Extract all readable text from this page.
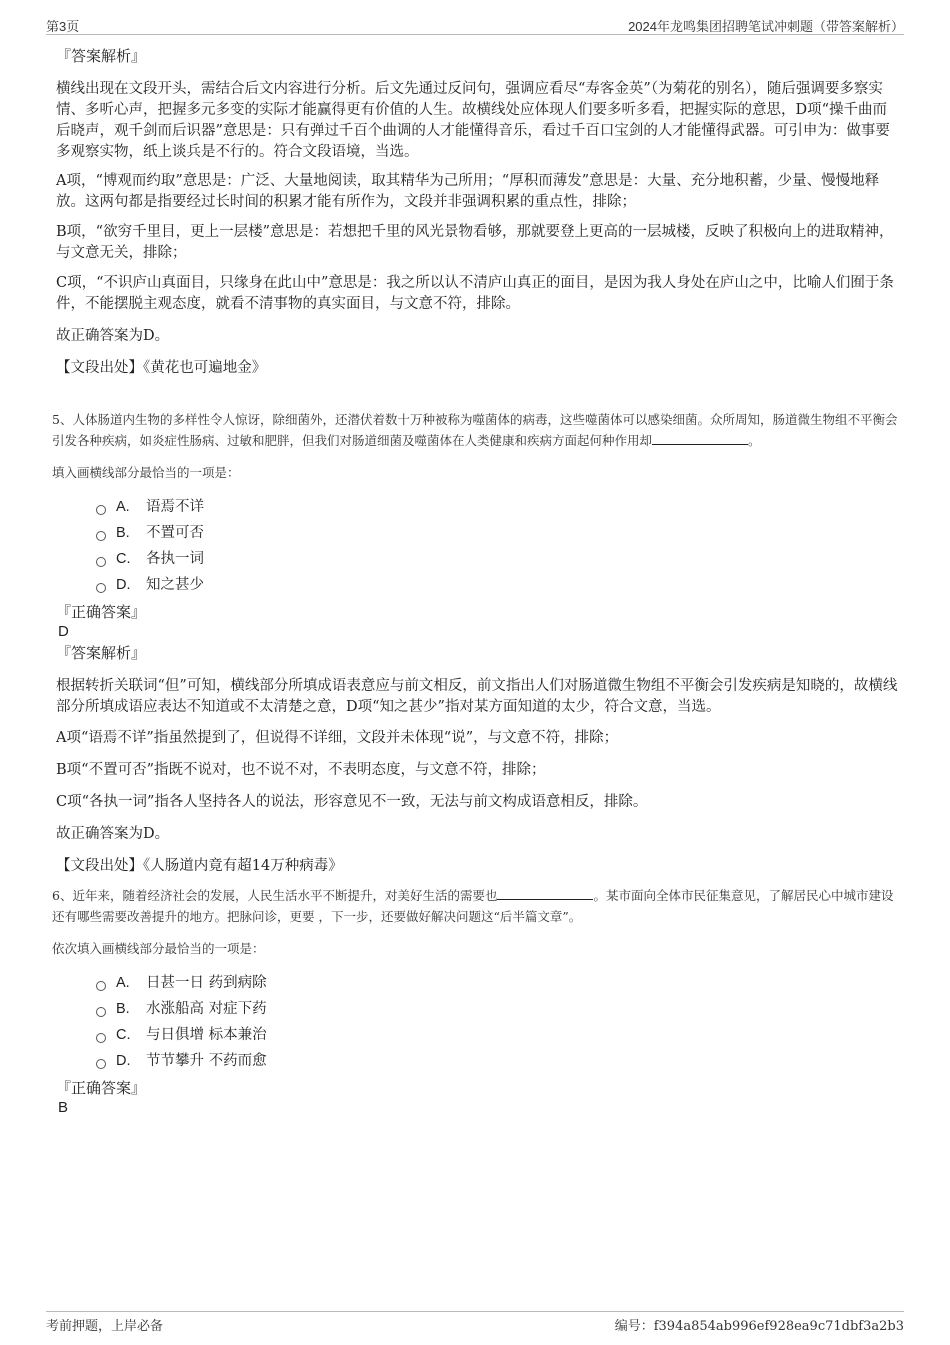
第3页	2024年龙鸣集团招聘笔试冲刺题（带答案解析）

『答案解析』

横线出现在文段开头，需结合后文内容进行分析。后文先通过反问句，强调应看尽“寿客金英”（为菊花的别名），随后强调要多察实情、多听心声，把握多元多变的实际才能赢得更有价值的人生。故横线处应体现人们要多听多看，把握实际的意思，D项“操千曲而后晓声，观千剑而后识器”意思是：只有弹过千百个曲调的人才能懂得音乐，看过千百口宝剑的人才能懂得武器。可引申为：做事要多观察实物，纸上谈兵是不行的。符合文段语境，当选。

A项，“博观而约取”意思是：广泛、大量地阅读，取其精华为己所用；“厚积而薄发”意思是：大量、充分地积蓄，少量、慢慢地释放。这两句都是指要经过长时间的积累才能有所作为，文段并非强调积累的重点性，排除；

B项，“欲穷千里目，更上一层楼”意思是：若想把千里的风光景物看够，那就要登上更高的一层城楼，反映了积极向上的进取精神，与文意无关，排除；

C项，“不识庐山真面目，只缘身在此山中”意思是：我之所以认不清庐山真正的面目，是因为我人身处在庐山之中，比喻人们囿于条件，不能摆脱主观态度，就看不清事物的真实面目，与文意不符，排除。

故正确答案为D。

【文段出处】《黄花也可遍地金》

5、人体肠道内生物的多样性令人惊讶，除细菌外，还潜伏着数十万种被称为噬菌体的病毒，这些噬菌体可以感染细菌。众所周知，肠道微生物组不平衡会引发各种疾病，如炎症性肠病、过敏和肥胖，但我们对肠道细菌及噬菌体在人类健康和疾病方面起何种作用却	。

填入画横线部分最恰当的一项是：

A.	语焉不详
B.	不置可否
C.	各执一词
D.	知之甚少

『正确答案』

D

『答案解析』

根据转折关联词“但”可知，横线部分所填成语表意应与前文相反，前文指出人们对肠道微生物组不平衡会引发疾病是知晓的，故横线部分所填成语应表达不知道或不太清楚之意，D项“知之甚少”指对某方面知道的太少，符合文意，当选。

A项“语焉不详”指虽然提到了，但说得不详细，文段并未体现“说”，与文意不符，排除；

B项“不置可否”指既不说对，也不说不对，不表明态度，与文意不符，排除；

C项“各执一词”指各人坚持各人的说法，形容意见不一致，无法与前文构成语意相反，排除。

故正确答案为D。

【文段出处】《人肠道内竟有超14万种病毒》

6、近年来，随着经济社会的发展，人民生活水平不断提升，对美好生活的需要也	。某市面向全体市民征集意见，了解居民心中城市建设还有哪些需要改善提升的地方。把脉问诊，更要 ，下一步，还要做好解决问题这“后半篇文章”。

依次填入画横线部分最恰当的一项是：

A.	日甚一日 药到病除
B.	水涨船高 对症下药
C.	与日俱增 标本兼治
D.	节节攀升 不药而愈

『正确答案』

B

考前押题，上岸必备	编号：f394a854ab996ef928ea9c71dbf3a2b3
